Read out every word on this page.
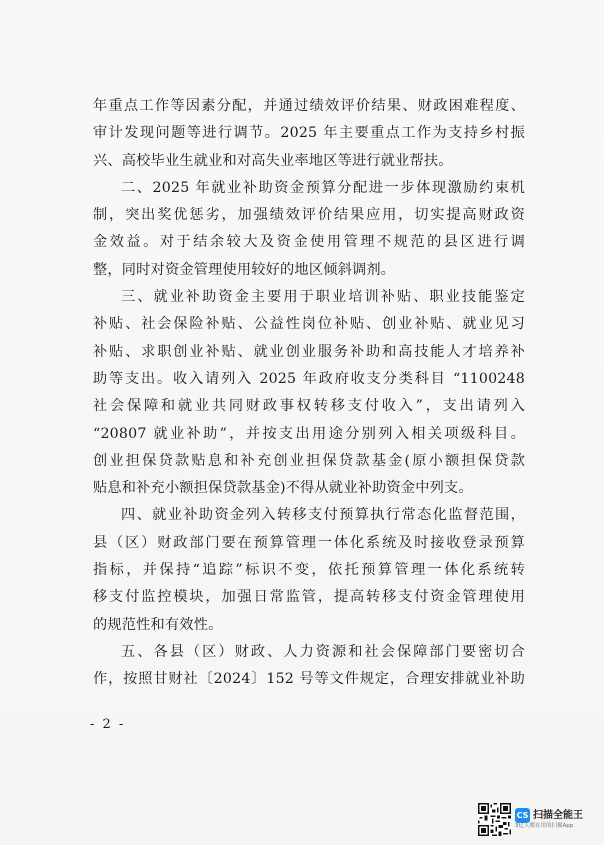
年重点工作等因素分配，并通过绩效评价结果、财政困难程度、
审计发现问题等进行调节。2025 年主要重点工作为支持乡村振
兴、高校毕业生就业和对高失业率地区等进行就业帮扶。
二、2025 年就业补助资金预算分配进一步体现激励约束机
制，突出奖优惩劣，加强绩效评价结果应用，切实提高财政资
金效益。对于结余较大及资金使用管理不规范的县区进行调
整，同时对资金管理使用较好的地区倾斜调剂。
三、就业补助资金主要用于职业培训补贴、职业技能鉴定
补贴、社会保险补贴、公益性岗位补贴、创业补贴、就业见习
补贴、求职创业补贴、就业创业服务补助和高技能人才培养补
助等支出。收入请列入 2025 年政府收支分类科目 “1100248
社会保障和就业共同财政事权转移支付收入”，支出请列入
“20807 就业补助”，并按支出用途分别列入相关项级科目。
创业担保贷款贴息和补充创业担保贷款基金(原小额担保贷款
贴息和补充小额担保贷款基金)不得从就业补助资金中列支。
四、就业补助资金列入转移支付预算执行常态化监督范围，
县（区）财政部门要在预算管理一体化系统及时接收登录预算
指标，并保持“追踪”标识不变，依托预算管理一体化系统转
移支付监控模块，加强日常监管，提高转移支付资金管理使用
的规范性和有效性。
五、各县（区）财政、人力资源和社会保障部门要密切合
作，按照甘财社〔2024〕152 号等文件规定，合理安排就业补助
- 2 -
CS 扫描全能王
3亿人都在用的扫描App
